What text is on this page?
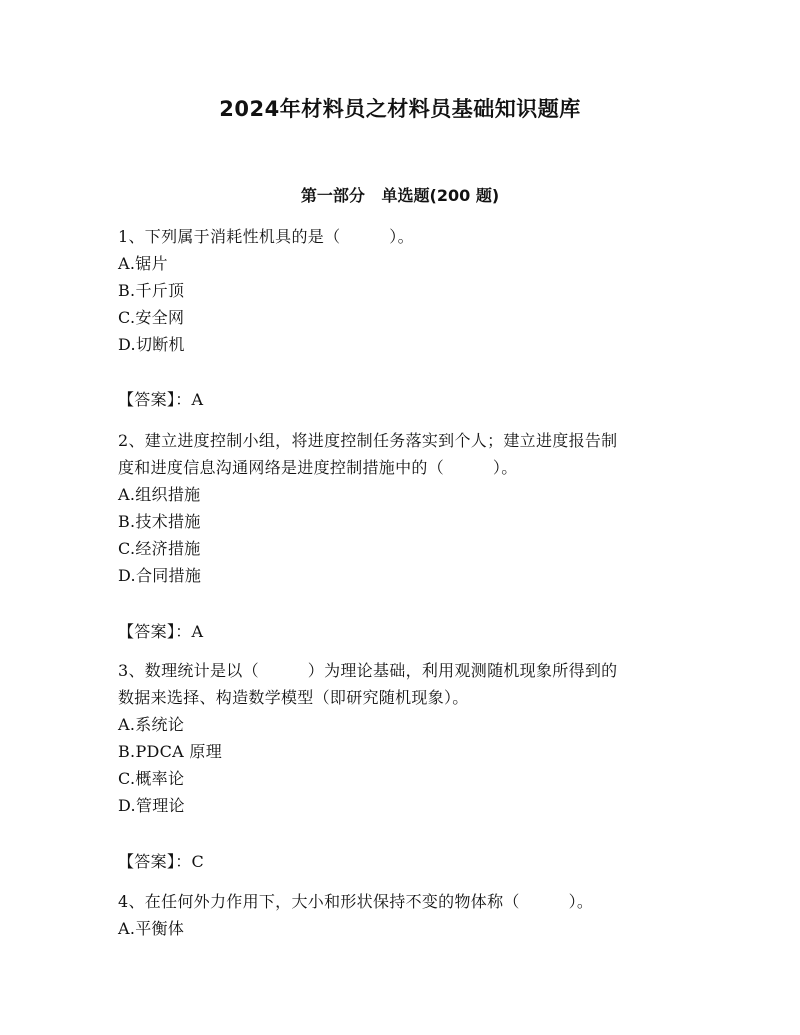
2024年材料员之材料员基础知识题库
第一部分   单选题(200 题)
1、下列属于消耗性机具的是（　　　）。
A.锯片
B.千斤顶
C.安全网
D.切断机
【答案】：A
2、建立进度控制小组，将进度控制任务落实到个人；建立进度报告制
度和进度信息沟通网络是进度控制措施中的（　　　）。
A.组织措施
B.技术措施
C.经济措施
D.合同措施
【答案】：A
3、数理统计是以（　　　）为理论基础，利用观测随机现象所得到的
数据来选择、构造数学模型（即研究随机现象）。
A.系统论
B.PDCA 原理
C.概率论
D.管理论
【答案】：C
4、在任何外力作用下，大小和形状保持不变的物体称（　　　）。
A.平衡体
